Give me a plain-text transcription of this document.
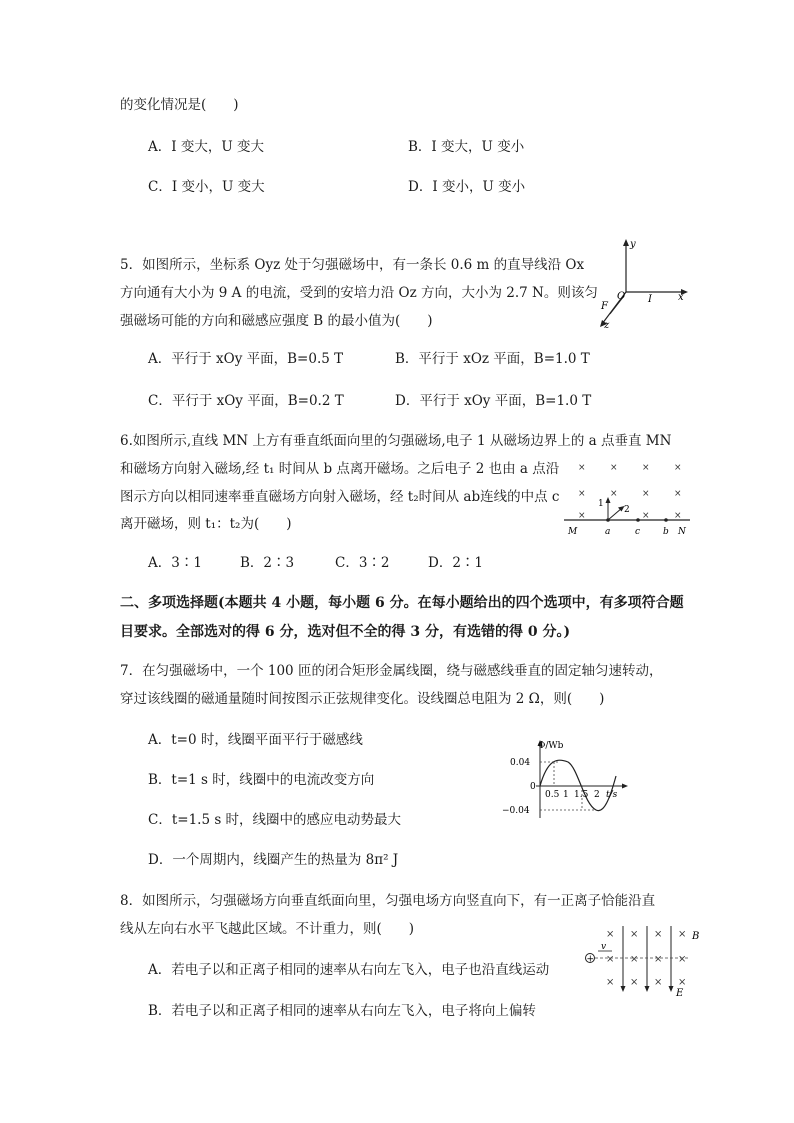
的变化情况是(　　)
A．I 变大，U 变大	B．I 变大，U 变小
C．I 变小，U 变大	D．I 变小，U 变小
5．如图所示，坐标系 Oyz 处于匀强磁场中，有一条长 0.6 m 的直导线沿 Ox
方向通有大小为 9 A 的电流，受到的安培力沿 Oz 方向，大小为 2.7 N。则该匀
强磁场可能的方向和磁感应强度 B 的最小值为(　　)
A．平行于 xOy 平面，B=0.5 T	B．平行于 xOz 平面，B=1.0 T
C．平行于 xOy 平面，B=0.2 T	D．平行于 xOy 平面，B=1.0 T
6.如图所示,直线 MN 上方有垂直纸面向里的匀强磁场,电子 1 从磁场边界上的 a 点垂直 MN
和磁场方向射入磁场,经 t₁ 时间从 b 点离开磁场。之后电子 2 也由 a 点沿
图示方向以相同速率垂直磁场方向射入磁场，经 t₂时间从 ab连线的中点 c
离开磁场，则 t₁：t₂为(　　)
A．3∶1	B．2∶3	C．3∶2	D．2∶1
二、多项选择题(本题共 4 小题，每小题 6 分。在每小题给出的四个选项中，有多项符合题
目要求。全部选对的得 6 分，选对但不全的得 3 分，有选错的得 0 分。)
7．在匀强磁场中，一个 100 匝的闭合矩形金属线圈，绕与磁感线垂直的固定轴匀速转动，
穿过该线圈的磁通量随时间按图示正弦规律变化。设线圈总电阻为 2 Ω，则(　　)
A．t=0 时，线圈平面平行于磁感线
B．t=1 s 时，线圈中的电流改变方向
C．t=1.5 s 时，线圈中的感应电动势最大
D．一个周期内，线圈产生的热量为 8π² J
8．如图所示，匀强磁场方向垂直纸面向里，匀强电场方向竖直向下，有一正离子恰能沿直
线从左向右水平飞越此区域。不计重力，则(　　)
A．若电子以和正离子相同的速率从右向左飞入，电子也沿直线运动
B．若电子以和正离子相同的速率从右向左飞入，电子将向上偏转
y
x
z
O I
F
×	×	×	×
×	×	×	×
×	×	×
1
2
M	a	c	b N
Φ/Wb
0.04
0
−0.04
0.5 1 1.5 2 t/s
× × × ×
× × × ×
× × × ×
+
v
B
E
